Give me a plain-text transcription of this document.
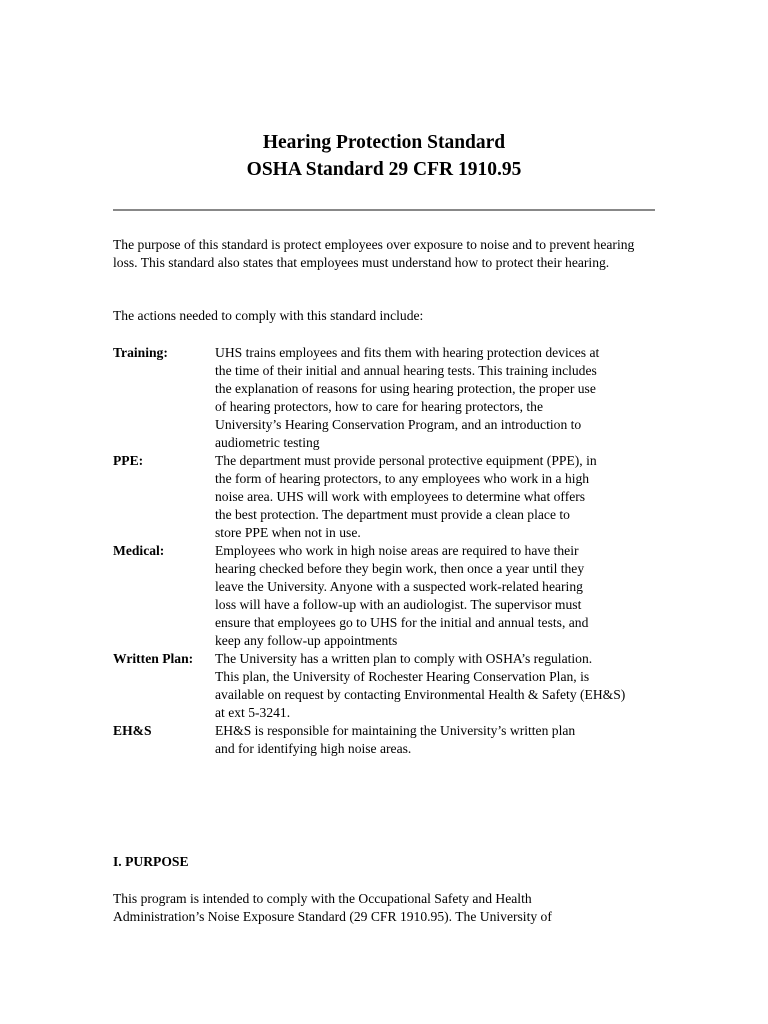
Hearing Protection Standard
OSHA Standard 29 CFR 1910.95

The purpose of this standard is protect employees over exposure to noise and to prevent hearing loss. This standard also states that employees must understand how to protect their hearing.

The actions needed to comply with this standard include:

Training:	UHS trains employees and fits them with hearing protection devices at
the time of their initial and annual hearing tests. This training includes
the explanation of reasons for using hearing protection, the proper use
of hearing protectors, how to care for hearing protectors, the
University’s Hearing Conservation Program, and an introduction to
audiometric testing
PPE:	The department must provide personal protective equipment (PPE), in
the form of hearing protectors, to any employees who work in a high
noise area. UHS will work with employees to determine what offers
the best protection. The department must provide a clean place to
store PPE when not in use.
Medical:	Employees who work in high noise areas are required to have their
hearing checked before they begin work, then once a year until they
leave the University. Anyone with a suspected work-related hearing
loss will have a follow-up with an audiologist. The supervisor must
ensure that employees go to UHS for the initial and annual tests, and
keep any follow-up appointments
Written Plan: The University has a written plan to comply with OSHA’s regulation.
This plan, the University of Rochester Hearing Conservation Plan, is
available on request by contacting Environmental Health & Safety (EH&S)
at ext 5-3241.
EH&S	EH&S is responsible for maintaining the University’s written plan
and for identifying high noise areas.
I. PURPOSE
This program is intended to comply with the Occupational Safety and Health
Administration’s Noise Exposure Standard (29 CFR 1910.95). The University of
